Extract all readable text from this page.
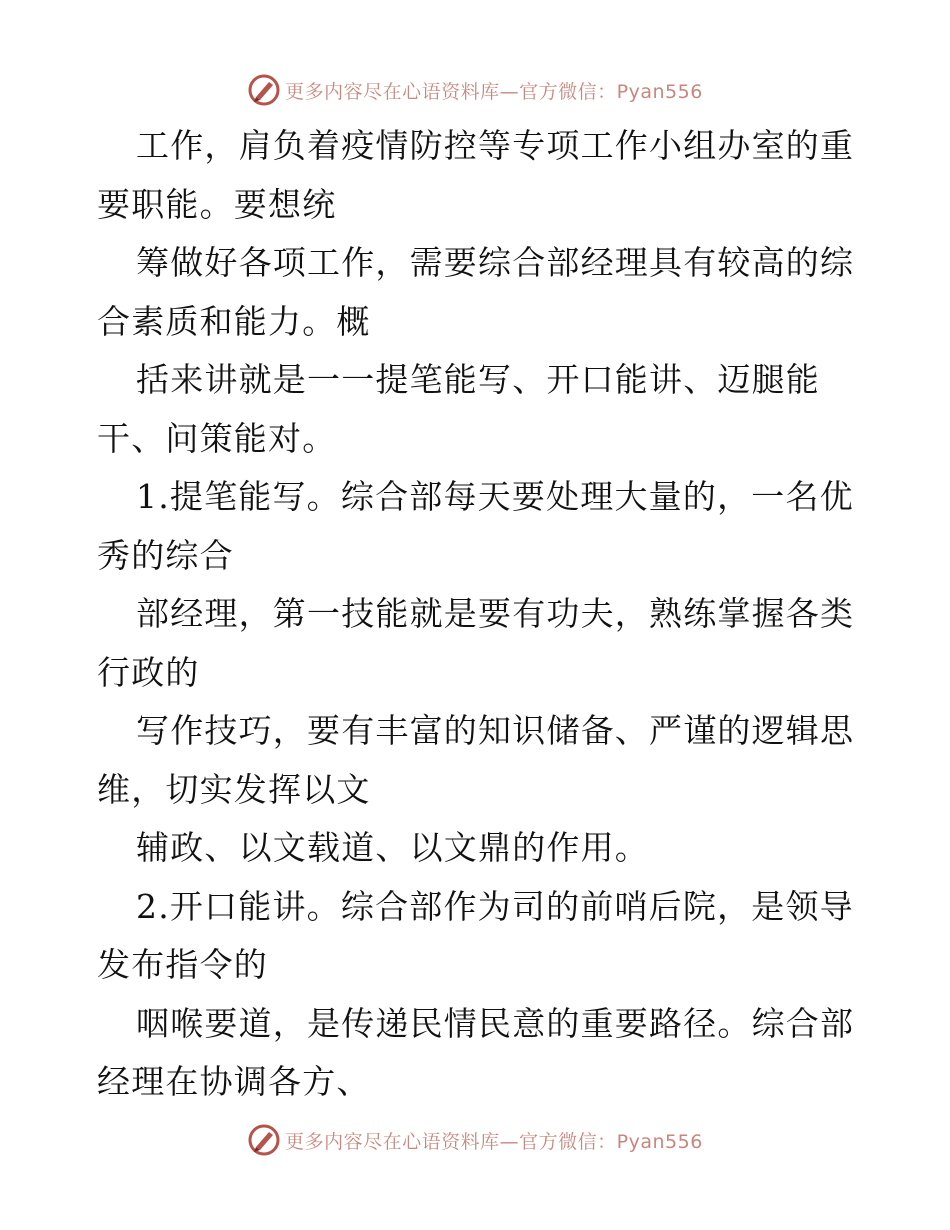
更多内容尽在心语资料库—官方微信：Pyan556

工作，肩负着疫情防控等专项工作小组办室的重要职能。要想统

筹做好各项工作，需要综合部经理具有较高的综合素质和能力。概

括来讲就是一一提笔能写、开口能讲、迈腿能干、问策能对。

1.提笔能写。综合部每天要处理大量的，一名优秀的综合

部经理，第一技能就是要有功夫，熟练掌握各类行政的

写作技巧，要有丰富的知识储备、严谨的逻辑思维，切实发挥以文

辅政、以文载道、以文鼎的作用。

2.开口能讲。综合部作为司的前哨后院，是领导发布指令的

咽喉要道，是传递民情民意的重要路径。综合部经理在协调各方、

更多内容尽在心语资料库—官方微信：Pyan556
